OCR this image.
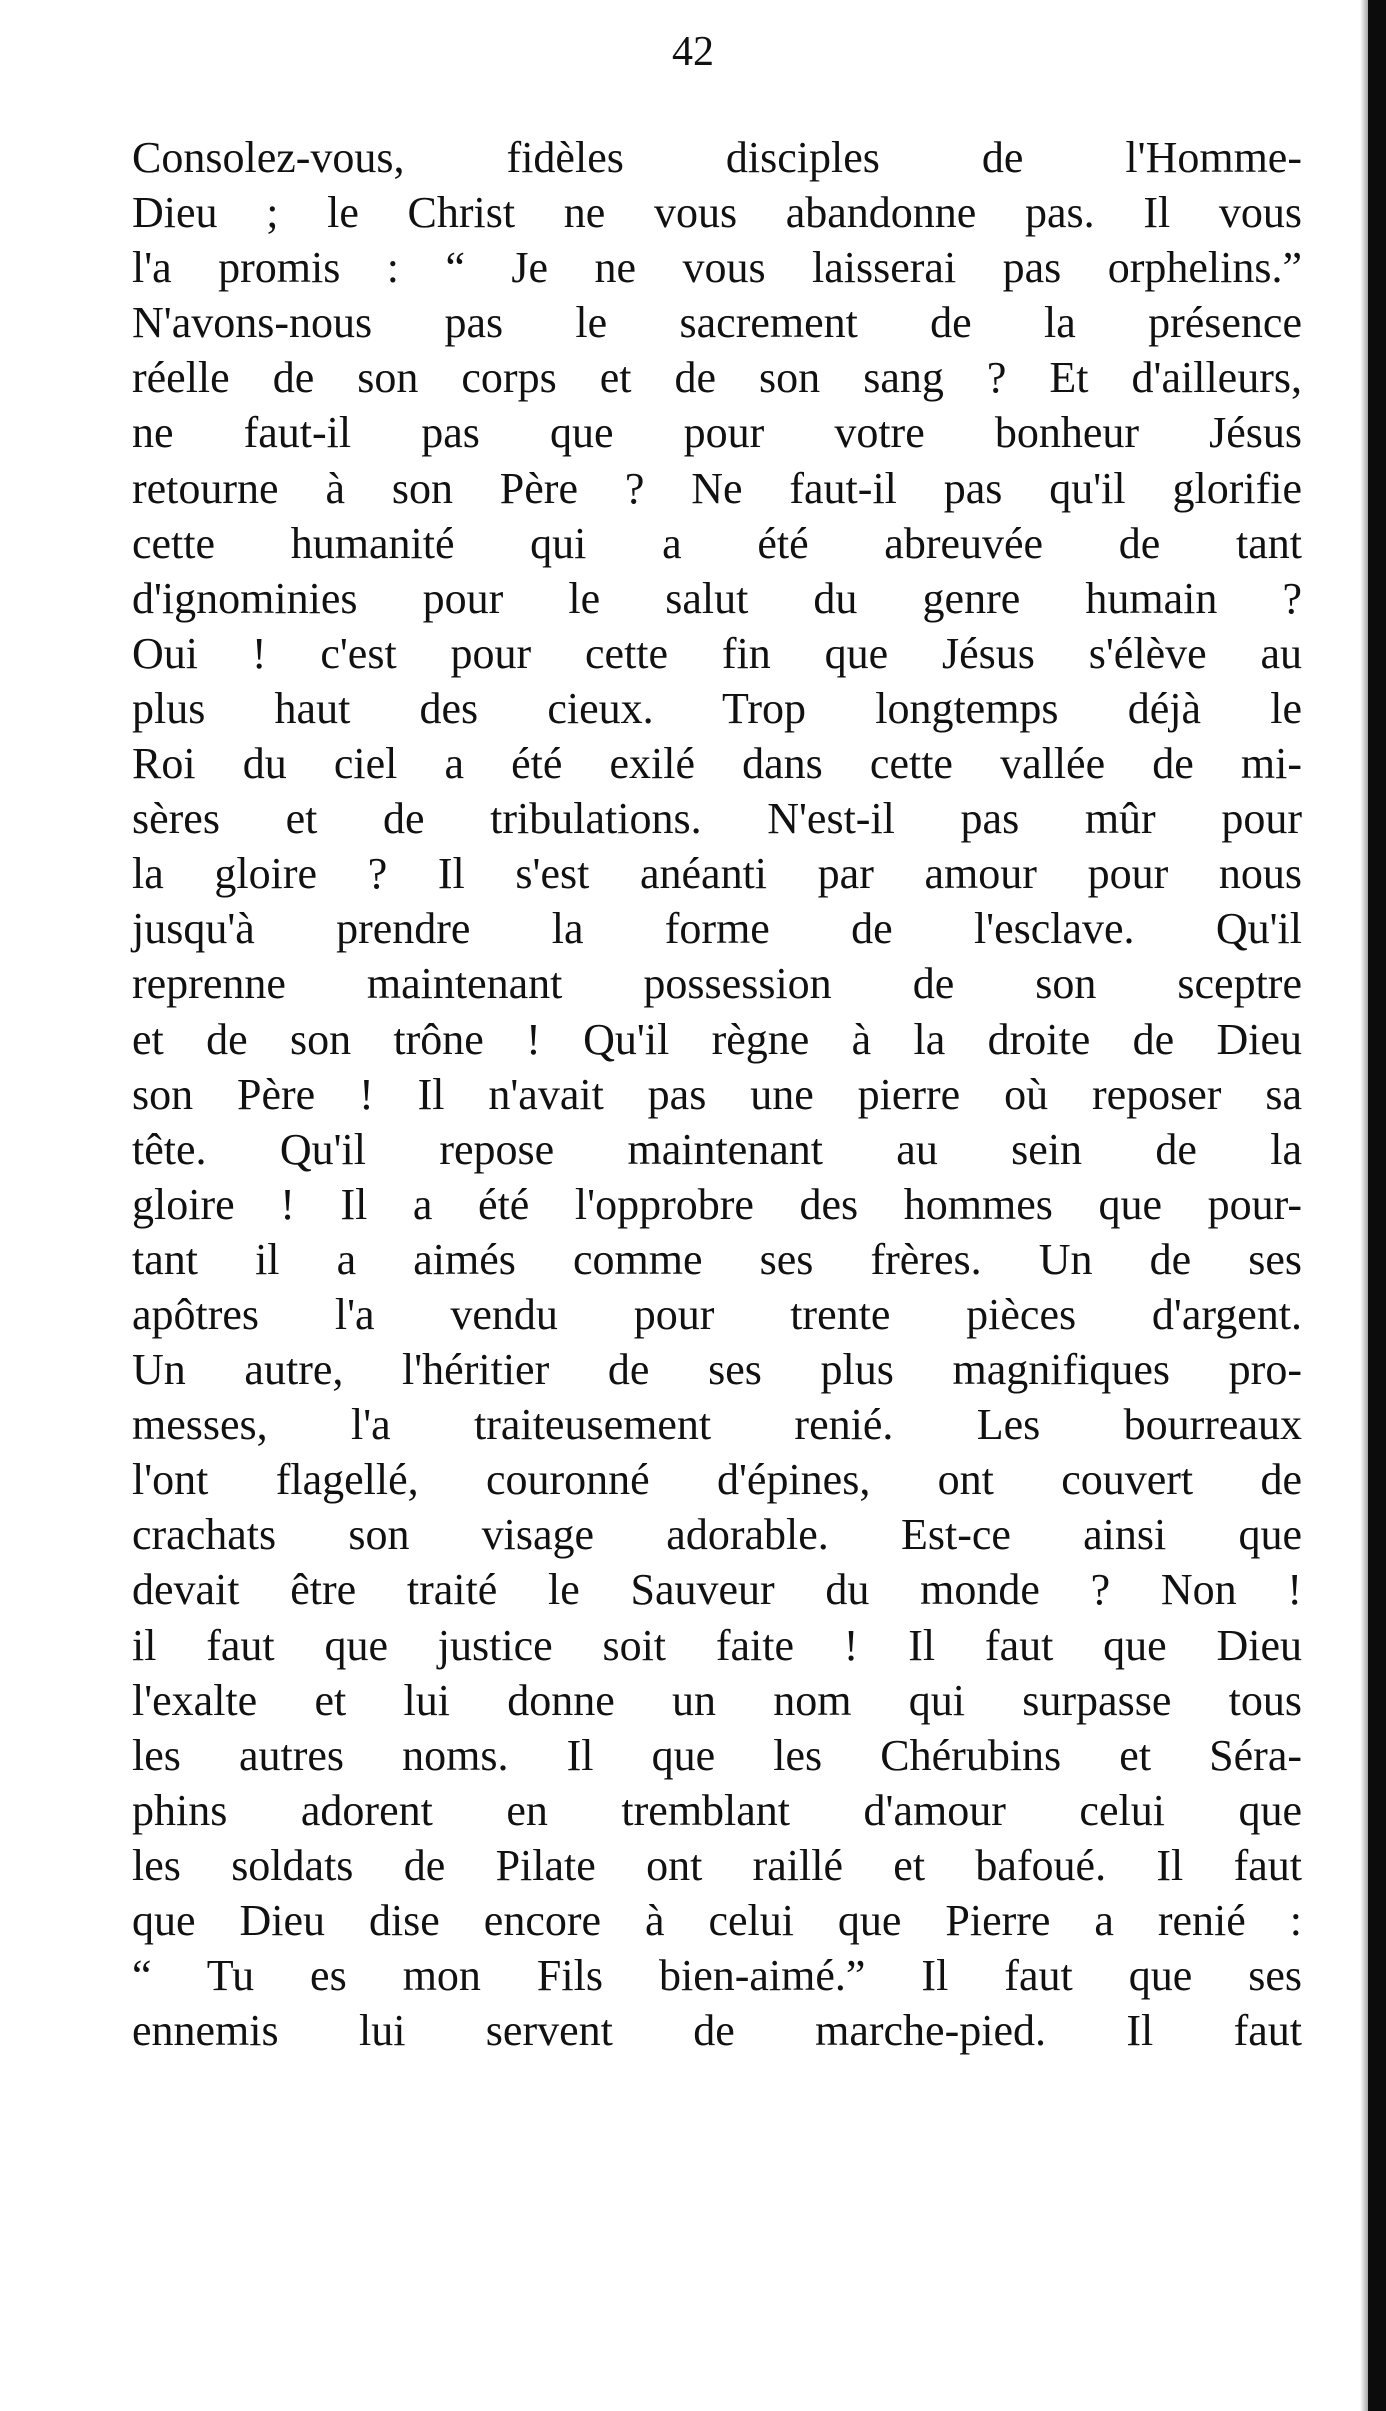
42
Consolez-vous, fidèles disciples de l'Homme-
Dieu ; le Christ ne vous abandonne pas. Il vous
l'a promis : “ Je ne vous laisserai pas orphelins.”
N'avons-nous pas le sacrement de la présence
réelle de son corps et de son sang ? Et d'ailleurs,
ne faut-il pas que pour votre bonheur Jésus
retourne à son Père ? Ne faut-il pas qu'il glorifie
cette humanité qui a été abreuvée de tant
d'ignominies pour le salut du genre humain ?
Oui ! c'est pour cette fin que Jésus s'élève au
plus haut des cieux. Trop longtemps déjà le
Roi du ciel a été exilé dans cette vallée de mi-
sères et de tribulations. N'est-il pas mûr pour
la gloire ? Il s'est anéanti par amour pour nous
jusqu'à prendre la forme de l'esclave. Qu'il
reprenne maintenant possession de son sceptre
et de son trône ! Qu'il règne à la droite de Dieu
son Père ! Il n'avait pas une pierre où reposer sa
tête. Qu'il repose maintenant au sein de la
gloire ! Il a été l'opprobre des hommes que pour-
tant il a aimés comme ses frères. Un de ses
apôtres l'a vendu pour trente pièces d'argent.
Un autre, l'héritier de ses plus magnifiques pro-
messes, l'a traiteusement renié. Les bourreaux
l'ont flagellé, couronné d'épines, ont couvert de
crachats son visage adorable. Est-ce ainsi que
devait être traité le Sauveur du monde ? Non !
il faut que justice soit faite ! Il faut que Dieu
l'exalte et lui donne un nom qui surpasse tous
les autres noms. Il que les Chérubins et Séra-
phins adorent en tremblant d'amour celui que
les soldats de Pilate ont raillé et bafoué. Il faut
que Dieu dise encore à celui que Pierre a renié :
“ Tu es mon Fils bien-aimé.” Il faut que ses
ennemis lui servent de marche-pied. Il faut
